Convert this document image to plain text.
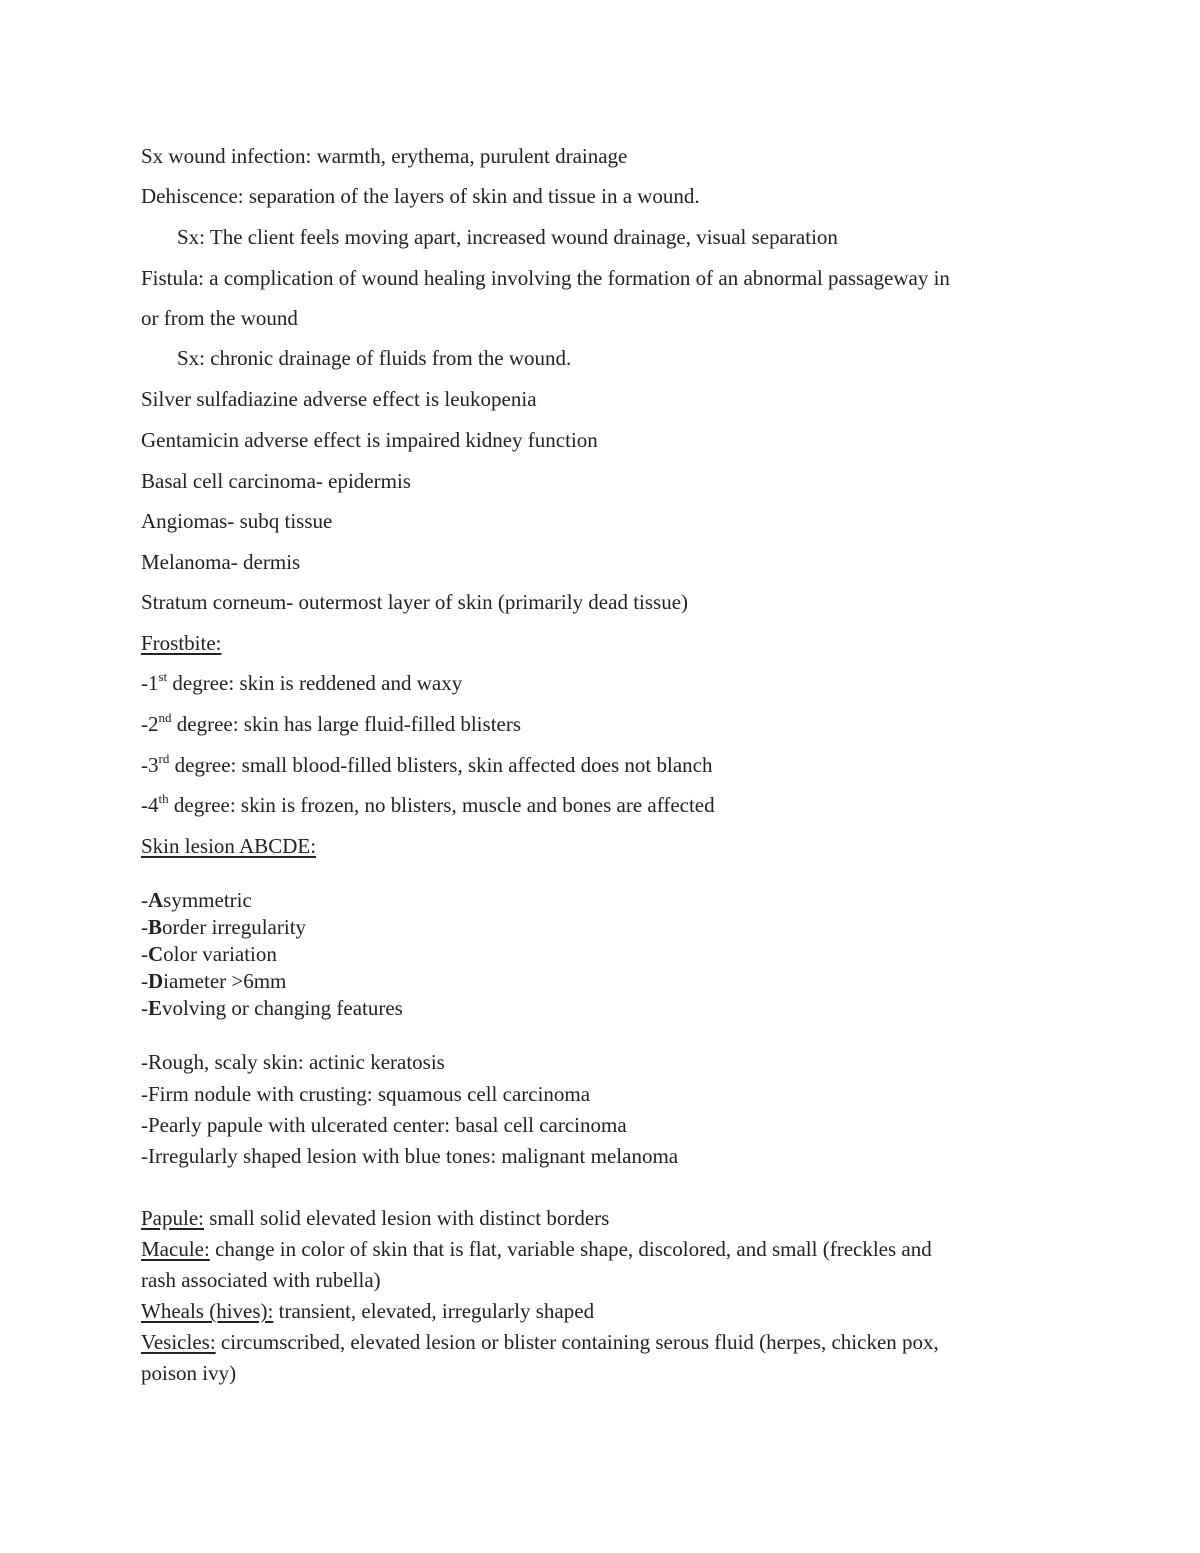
Sx wound infection: warmth, erythema, purulent drainage

Dehiscence: separation of the layers of skin and tissue in a wound.

Sx: The client feels moving apart, increased wound drainage, visual separation

Fistula: a complication of wound healing involving the formation of an abnormal passageway in

or from the wound

Sx: chronic drainage of fluids from the wound.

Silver sulfadiazine adverse effect is leukopenia

Gentamicin adverse effect is impaired kidney function

Basal cell carcinoma- epidermis

Angiomas- subq tissue

Melanoma- dermis

Stratum corneum- outermost layer of skin (primarily dead tissue)

Frostbite:

-1st degree: skin is reddened and waxy

-2nd degree: skin has large fluid-filled blisters

-3rd degree: small blood-filled blisters, skin affected does not blanch

-4th degree: skin is frozen, no blisters, muscle and bones are affected

Skin lesion ABCDE:

-Asymmetric

-Border irregularity

-Color variation

-Diameter >6mm

-Evolving or changing features

-Rough, scaly skin: actinic keratosis

-Firm nodule with crusting: squamous cell carcinoma

-Pearly papule with ulcerated center: basal cell carcinoma

-Irregularly shaped lesion with blue tones: malignant melanoma

Papule: small solid elevated lesion with distinct borders

Macule: change in color of skin that is flat, variable shape, discolored, and small (freckles and

rash associated with rubella)

Wheals (hives): transient, elevated, irregularly shaped

Vesicles: circumscribed, elevated lesion or blister containing serous fluid (herpes, chicken pox,

poison ivy)
